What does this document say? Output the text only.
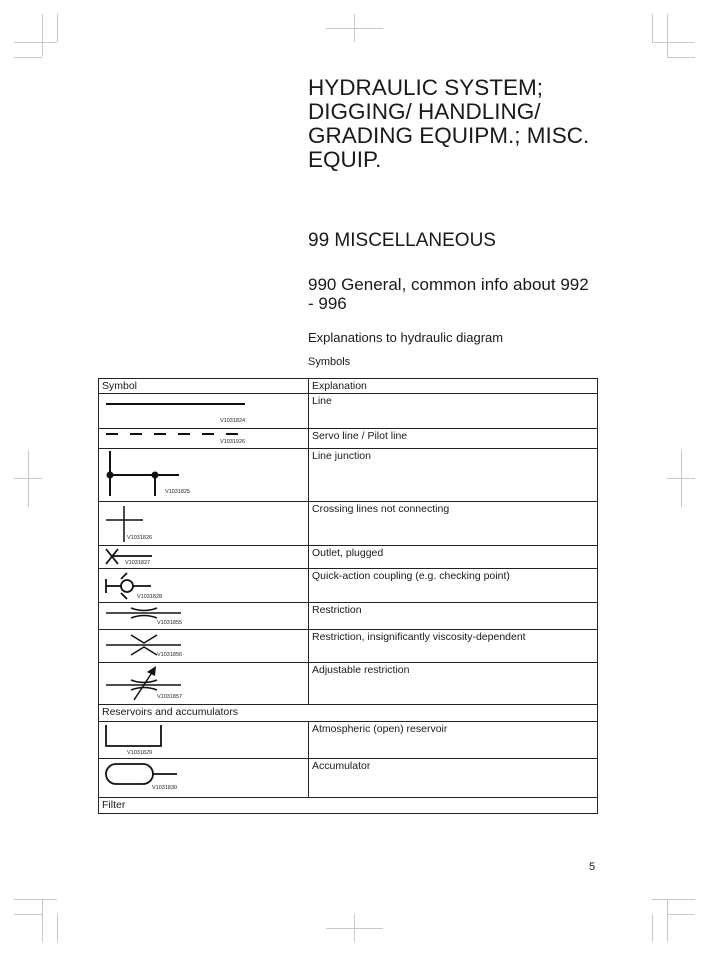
HYDRAULIC SYSTEM; DIGGING/ HANDLING/ GRADING EQUIPM.; MISC. EQUIP.
99 MISCELLANEOUS
990 General, common info about 992 - 996
Explanations to hydraulic diagram
Symbols
Symbol	Explanation

V1031824	Line

V1031926	Servo line / Pilot line

V1031825	Line junction

V1031826	Crossing lines not connecting

V1031827	Outlet, plugged

V1031828	Quick-action coupling (e.g. checking point)

V1031855	Restriction

V1031856	Restriction, insignificantly viscosity-dependent

V1031857	Adjustable restriction
Reservoirs and accumulators	

V1031829	Atmospheric (open) reservoir

V1031830	Accumulator
Filter	
5
